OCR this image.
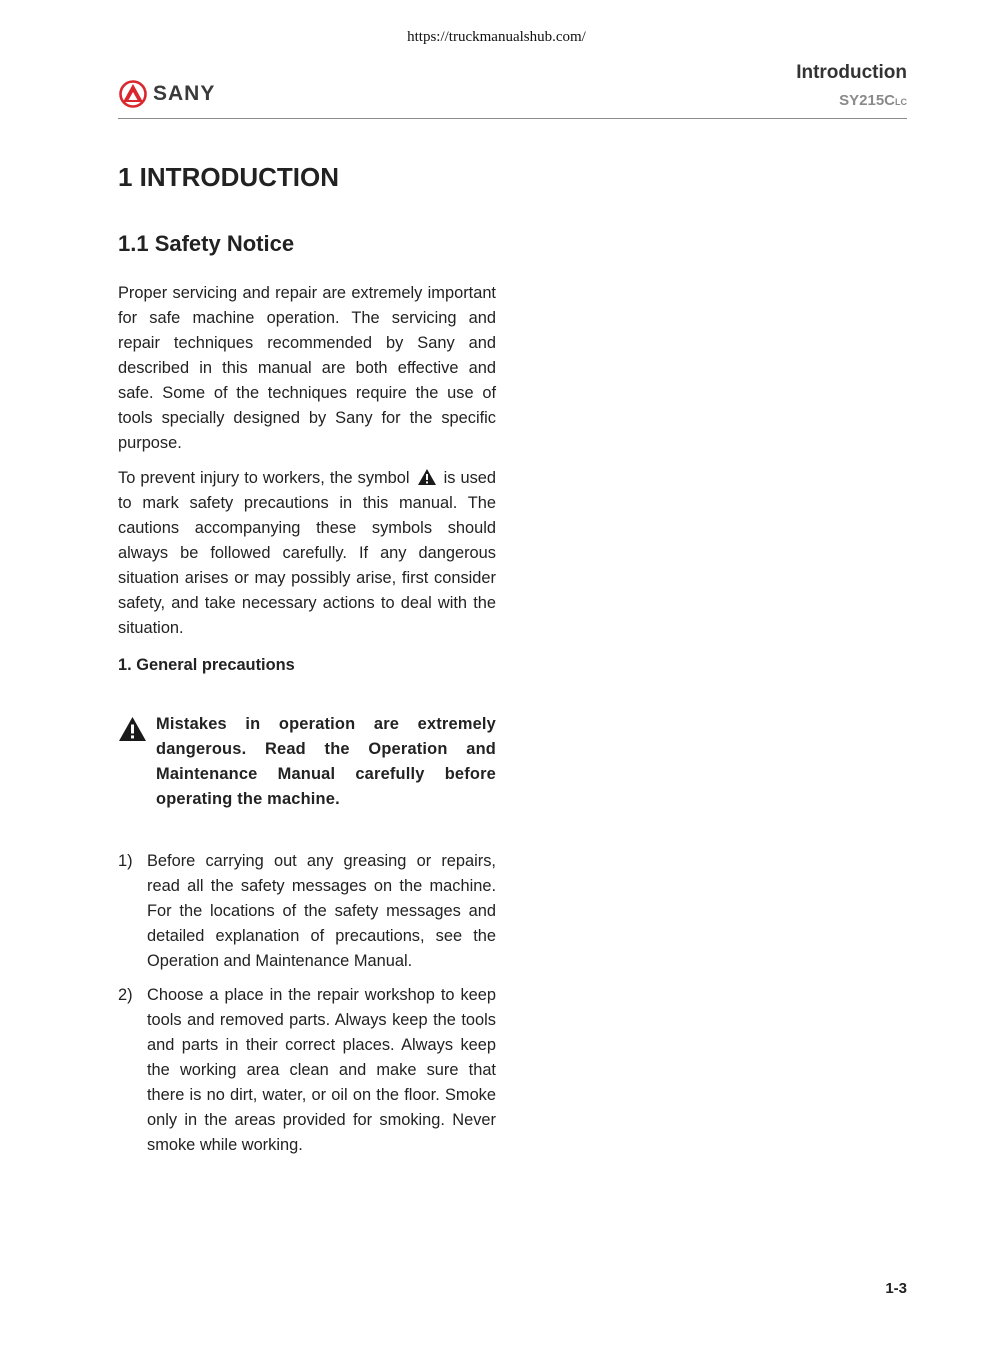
https://truckmanualshub.com/
SANY
Introduction
SY215CLC
1 INTRODUCTION
1.1 Safety Notice

Proper servicing and repair are extremely important for safe machine operation. The servicing and repair techniques recommended by Sany and described in this manual are both effective and safe. Some of the techniques require the use of tools specially designed by Sany for the specific purpose.

To prevent injury to workers, the symbol is used to mark safety precautions in this manual. The cautions accompanying these symbols should always be followed carefully. If any dangerous situation arises or may possibly arise, first consider safety, and take necessary actions to deal with the situation.

1. General precautions
Mistakes in operation are extremely dangerous. Read the Operation and Maintenance Manual carefully before operating the machine.
1) Before carrying out any greasing or repairs, read all the safety messages on the machine. For the locations of the safety messages and detailed explanation of precautions, see the Operation and Maintenance Manual.
2) Choose a place in the repair workshop to keep tools and removed parts. Always keep the tools and parts in their correct places. Always keep the working area clean and make sure that there is no dirt, water, or oil on the floor. Smoke only in the areas provided for smoking. Never smoke while working.
1-3
